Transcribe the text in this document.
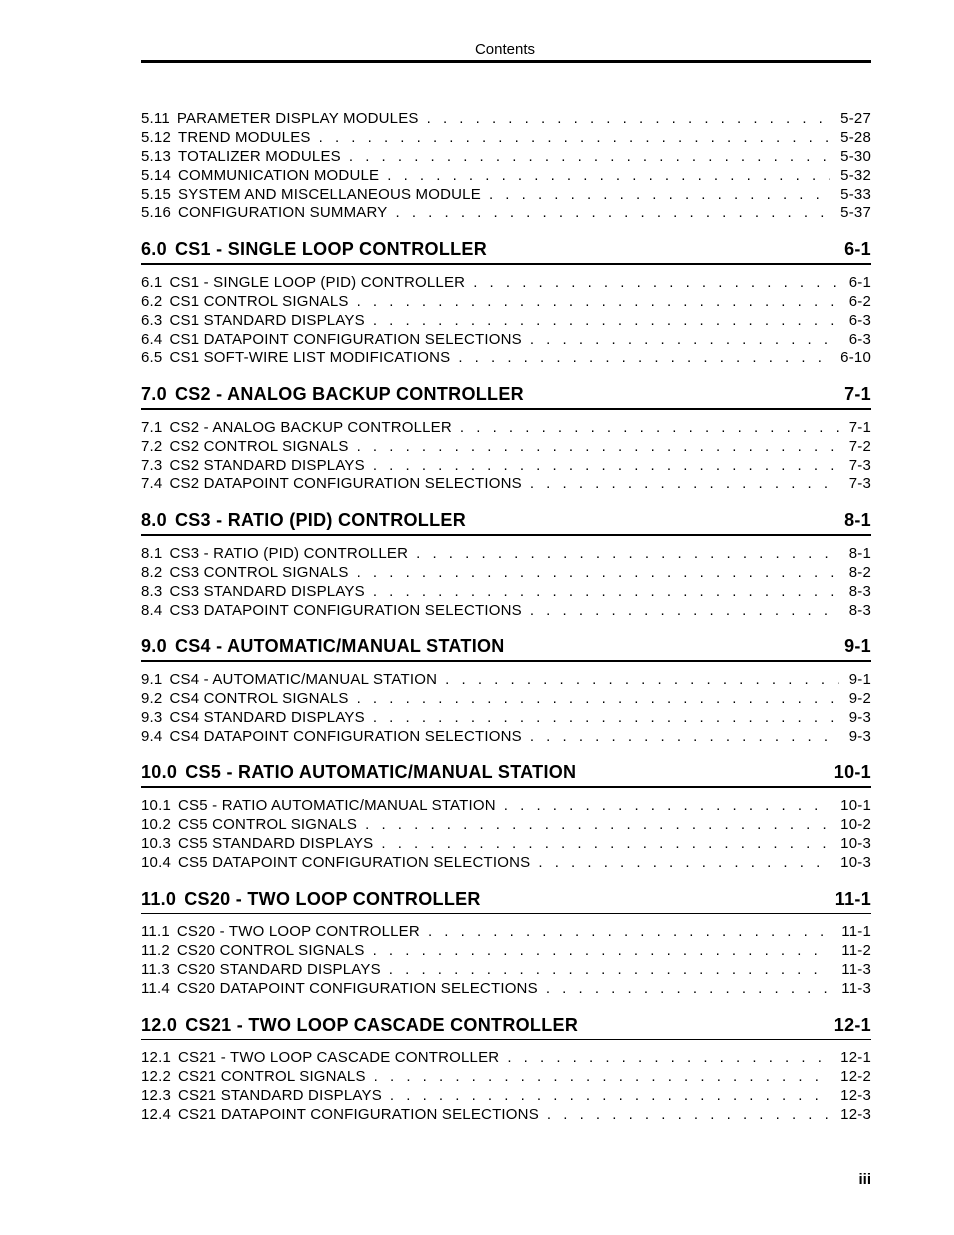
Contents
5.11 PARAMETER DISPLAY MODULES . . .	5-27
5.12 TREND MODULES . . .	5-28
5.13 TOTALIZER MODULES . . .	5-30
5.14 COMMUNICATION MODULE . . .	5-32
5.15 SYSTEM AND MISCELLANEOUS MODULE . . .	5-33
5.16 CONFIGURATION SUMMARY . . .	5-37
6.0 CS1 - SINGLE LOOP CONTROLLER	6-1
6.1 CS1 - SINGLE LOOP (PID) CONTROLLER . . .	6-1
6.2 CS1 CONTROL SIGNALS . . .	6-2
6.3 CS1 STANDARD DISPLAYS . . .	6-3
6.4 CS1 DATAPOINT CONFIGURATION SELECTIONS . . .	6-3
6.5 CS1 SOFT-WIRE LIST MODIFICATIONS . . .	6-10
7.0 CS2 - ANALOG BACKUP CONTROLLER	7-1
7.1 CS2 - ANALOG BACKUP CONTROLLER . . .	7-1
7.2 CS2 CONTROL SIGNALS . . .	7-2
7.3 CS2 STANDARD DISPLAYS . . .	7-3
7.4 CS2 DATAPOINT CONFIGURATION SELECTIONS . . .	7-3
8.0 CS3 - RATIO (PID) CONTROLLER	8-1
8.1 CS3 - RATIO (PID) CONTROLLER . . .	8-1
8.2 CS3 CONTROL SIGNALS . . .	8-2
8.3 CS3 STANDARD DISPLAYS . . .	8-3
8.4 CS3 DATAPOINT CONFIGURATION SELECTIONS . . .	8-3
9.0 CS4 - AUTOMATIC/MANUAL STATION	9-1
9.1 CS4 - AUTOMATIC/MANUAL STATION . . .	9-1
9.2 CS4 CONTROL SIGNALS . . .	9-2
9.3 CS4 STANDARD DISPLAYS . . .	9-3
9.4 CS4 DATAPOINT CONFIGURATION SELECTIONS . . .	9-3
10.0 CS5 - RATIO AUTOMATIC/MANUAL STATION	10-1
10.1 CS5 - RATIO AUTOMATIC/MANUAL STATION . . .	10-1
10.2 CS5 CONTROL SIGNALS . . .	10-2
10.3 CS5 STANDARD DISPLAYS . . .	10-3
10.4 CS5 DATAPOINT CONFIGURATION SELECTIONS . . .	10-3
11.0 CS20 - TWO LOOP CONTROLLER	11-1
11.1 CS20 - TWO LOOP CONTROLLER . . .	11-1
11.2 CS20 CONTROL SIGNALS . . .	11-2
11.3 CS20 STANDARD DISPLAYS . . .	11-3
11.4 CS20 DATAPOINT CONFIGURATION SELECTIONS . . .	11-3
12.0 CS21 - TWO LOOP CASCADE CONTROLLER	12-1
12.1 CS21 - TWO LOOP CASCADE CONTROLLER . . .	12-1
12.2 CS21 CONTROL SIGNALS . . .	12-2
12.3 CS21 STANDARD DISPLAYS . . .	12-3
12.4 CS21 DATAPOINT CONFIGURATION SELECTIONS . . .	12-3
iii
